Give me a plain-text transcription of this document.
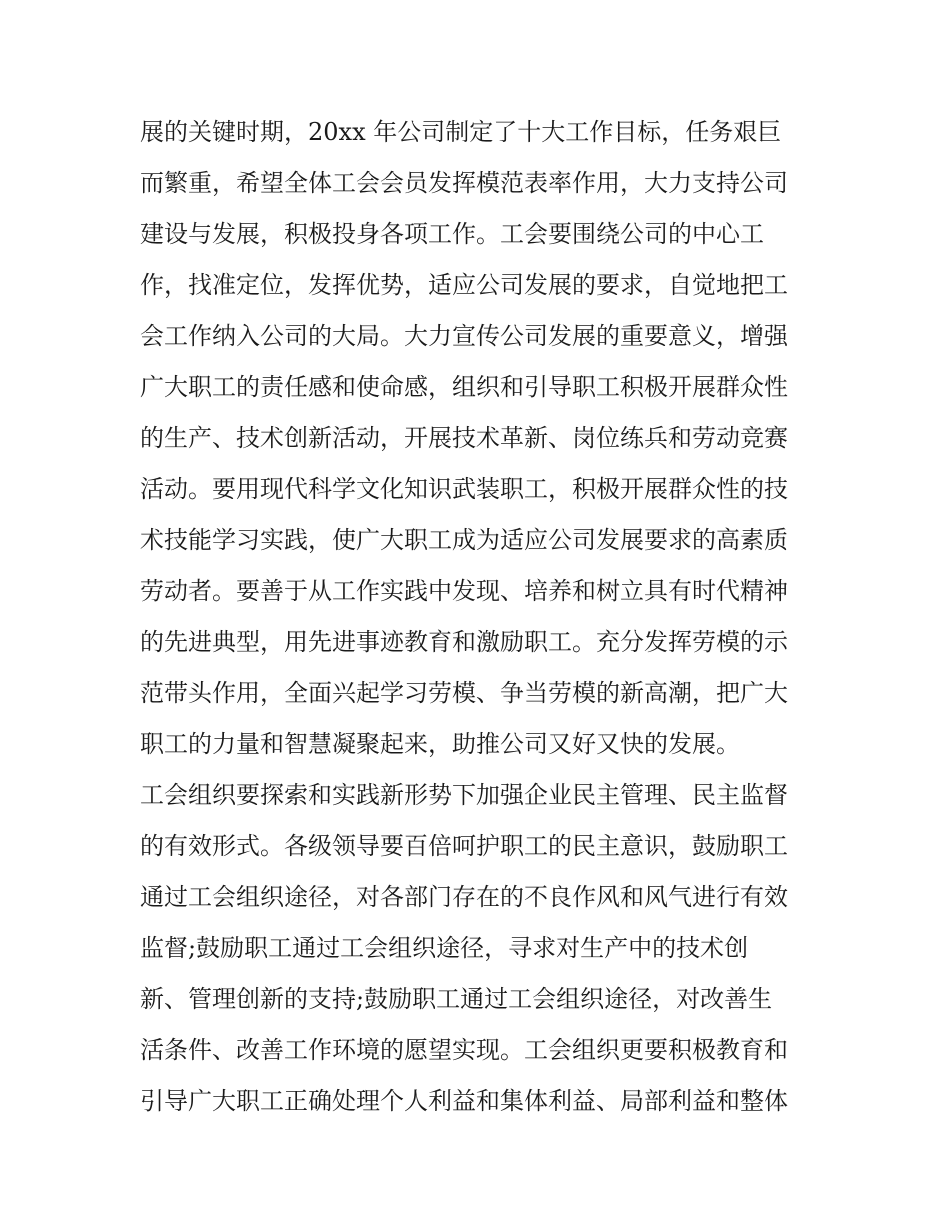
展的关键时期，20xx 年公司制定了十大工作目标，任务艰巨
而繁重，希望全体工会会员发挥模范表率作用，大力支持公司
建设与发展，积极投身各项工作。工会要围绕公司的中心工
作，找准定位，发挥优势，适应公司发展的要求，自觉地把工
会工作纳入公司的大局。大力宣传公司发展的重要意义，增强
广大职工的责任感和使命感，组织和引导职工积极开展群众性
的生产、技术创新活动，开展技术革新、岗位练兵和劳动竞赛
活动。要用现代科学文化知识武装职工，积极开展群众性的技
术技能学习实践，使广大职工成为适应公司发展要求的高素质
劳动者。要善于从工作实践中发现、培养和树立具有时代精神
的先进典型，用先进事迹教育和激励职工。充分发挥劳模的示
范带头作用，全面兴起学习劳模、争当劳模的新高潮，把广大
职工的力量和智慧凝聚起来，助推公司又好又快的发展。
工会组织要探索和实践新形势下加强企业民主管理、民主监督
的有效形式。各级领导要百倍呵护职工的民主意识，鼓励职工
通过工会组织途径，对各部门存在的不良作风和风气进行有效
监督;鼓励职工通过工会组织途径，寻求对生产中的技术创
新、管理创新的支持;鼓励职工通过工会组织途径，对改善生
活条件、改善工作环境的愿望实现。工会组织更要积极教育和
引导广大职工正确处理个人利益和集体利益、局部利益和整体
